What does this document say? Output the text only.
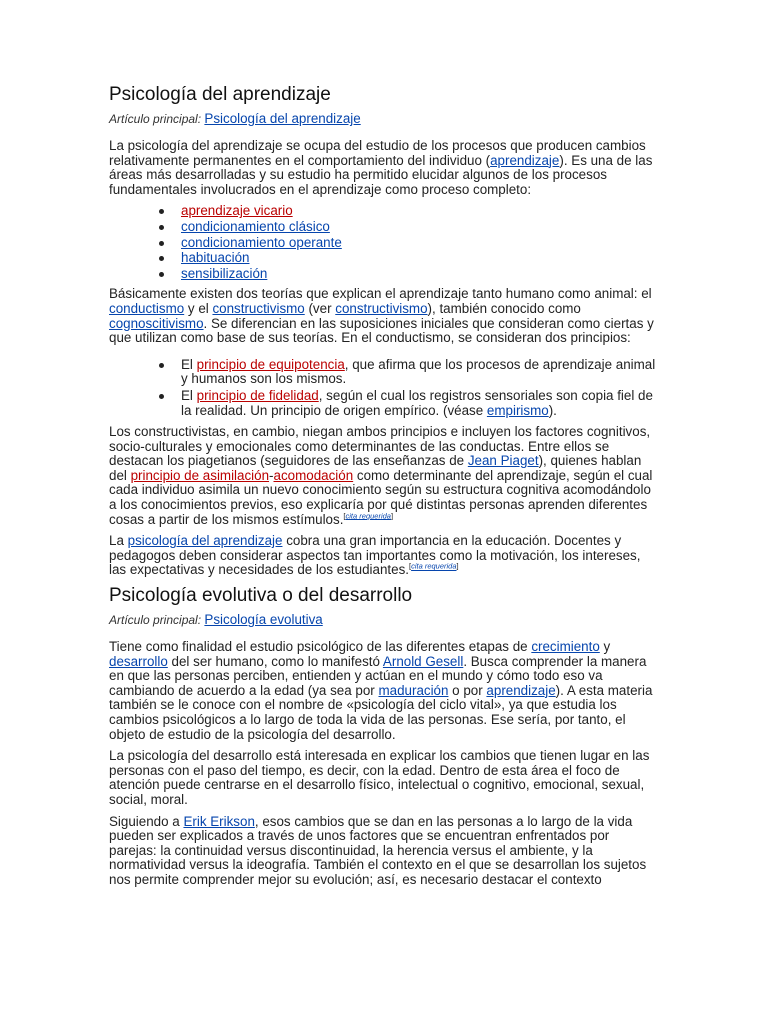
Psicología del aprendizaje
Artículo principal: Psicología del aprendizaje

La psicología del aprendizaje se ocupa del estudio de los procesos que producen cambios relativamente permanentes en el comportamiento del individuo (aprendizaje). Es una de las áreas más desarrolladas y su estudio ha permitido elucidar algunos de los procesos fundamentales involucrados en el aprendizaje como proceso completo:

aprendizaje vicario
condicionamiento clásico
condicionamiento operante
habituación
sensibilización

Básicamente existen dos teorías que explican el aprendizaje tanto humano como animal: el conductismo y el constructivismo (ver constructivismo), también conocido como cognoscitivismo. Se diferencian en las suposiciones iniciales que consideran como ciertas y que utilizan como base de sus teorías. En el conductismo, se consideran dos principios:

El principio de equipotencia, que afirma que los procesos de aprendizaje animal y humanos son los mismos.
El principio de fidelidad, según el cual los registros sensoriales son copia fiel de la realidad. Un principio de origen empírico. (véase empirismo).

Los constructivistas, en cambio, niegan ambos principios e incluyen los factores cognitivos, socio-culturales y emocionales como determinantes de las conductas. Entre ellos se destacan los piagetianos (seguidores de las enseñanzas de Jean Piaget), quienes hablan del principio de asimilación-acomodación como determinante del aprendizaje, según el cual cada individuo asimila un nuevo conocimiento según su estructura cognitiva acomodándolo a los conocimientos previos, eso explicaría por qué distintas personas aprenden diferentes cosas a partir de los mismos estímulos.[cita requerida]

La psicología del aprendizaje cobra una gran importancia en la educación. Docentes y pedagogos deben considerar aspectos tan importantes como la motivación, los intereses, las expectativas y necesidades de los estudiantes.[cita requerida]

Psicología evolutiva o del desarrollo
Artículo principal: Psicología evolutiva

Tiene como finalidad el estudio psicológico de las diferentes etapas de crecimiento y desarrollo del ser humano, como lo manifestó Arnold Gesell. Busca comprender la manera en que las personas perciben, entienden y actúan en el mundo y cómo todo eso va cambiando de acuerdo a la edad (ya sea por maduración o por aprendizaje). A esta materia también se le conoce con el nombre de «psicología del ciclo vital», ya que estudia los cambios psicológicos a lo largo de toda la vida de las personas. Ese sería, por tanto, el objeto de estudio de la psicología del desarrollo.

La psicología del desarrollo está interesada en explicar los cambios que tienen lugar en las personas con el paso del tiempo, es decir, con la edad. Dentro de esta área el foco de atención puede centrarse en el desarrollo físico, intelectual o cognitivo, emocional, sexual, social, moral.

Siguiendo a Erik Erikson, esos cambios que se dan en las personas a lo largo de la vida pueden ser explicados a través de unos factores que se encuentran enfrentados por parejas: la continuidad versus discontinuidad, la herencia versus el ambiente, y la normatividad versus la ideografía. También el contexto en el que se desarrollan los sujetos nos permite comprender mejor su evolución; así, es necesario destacar el contexto
